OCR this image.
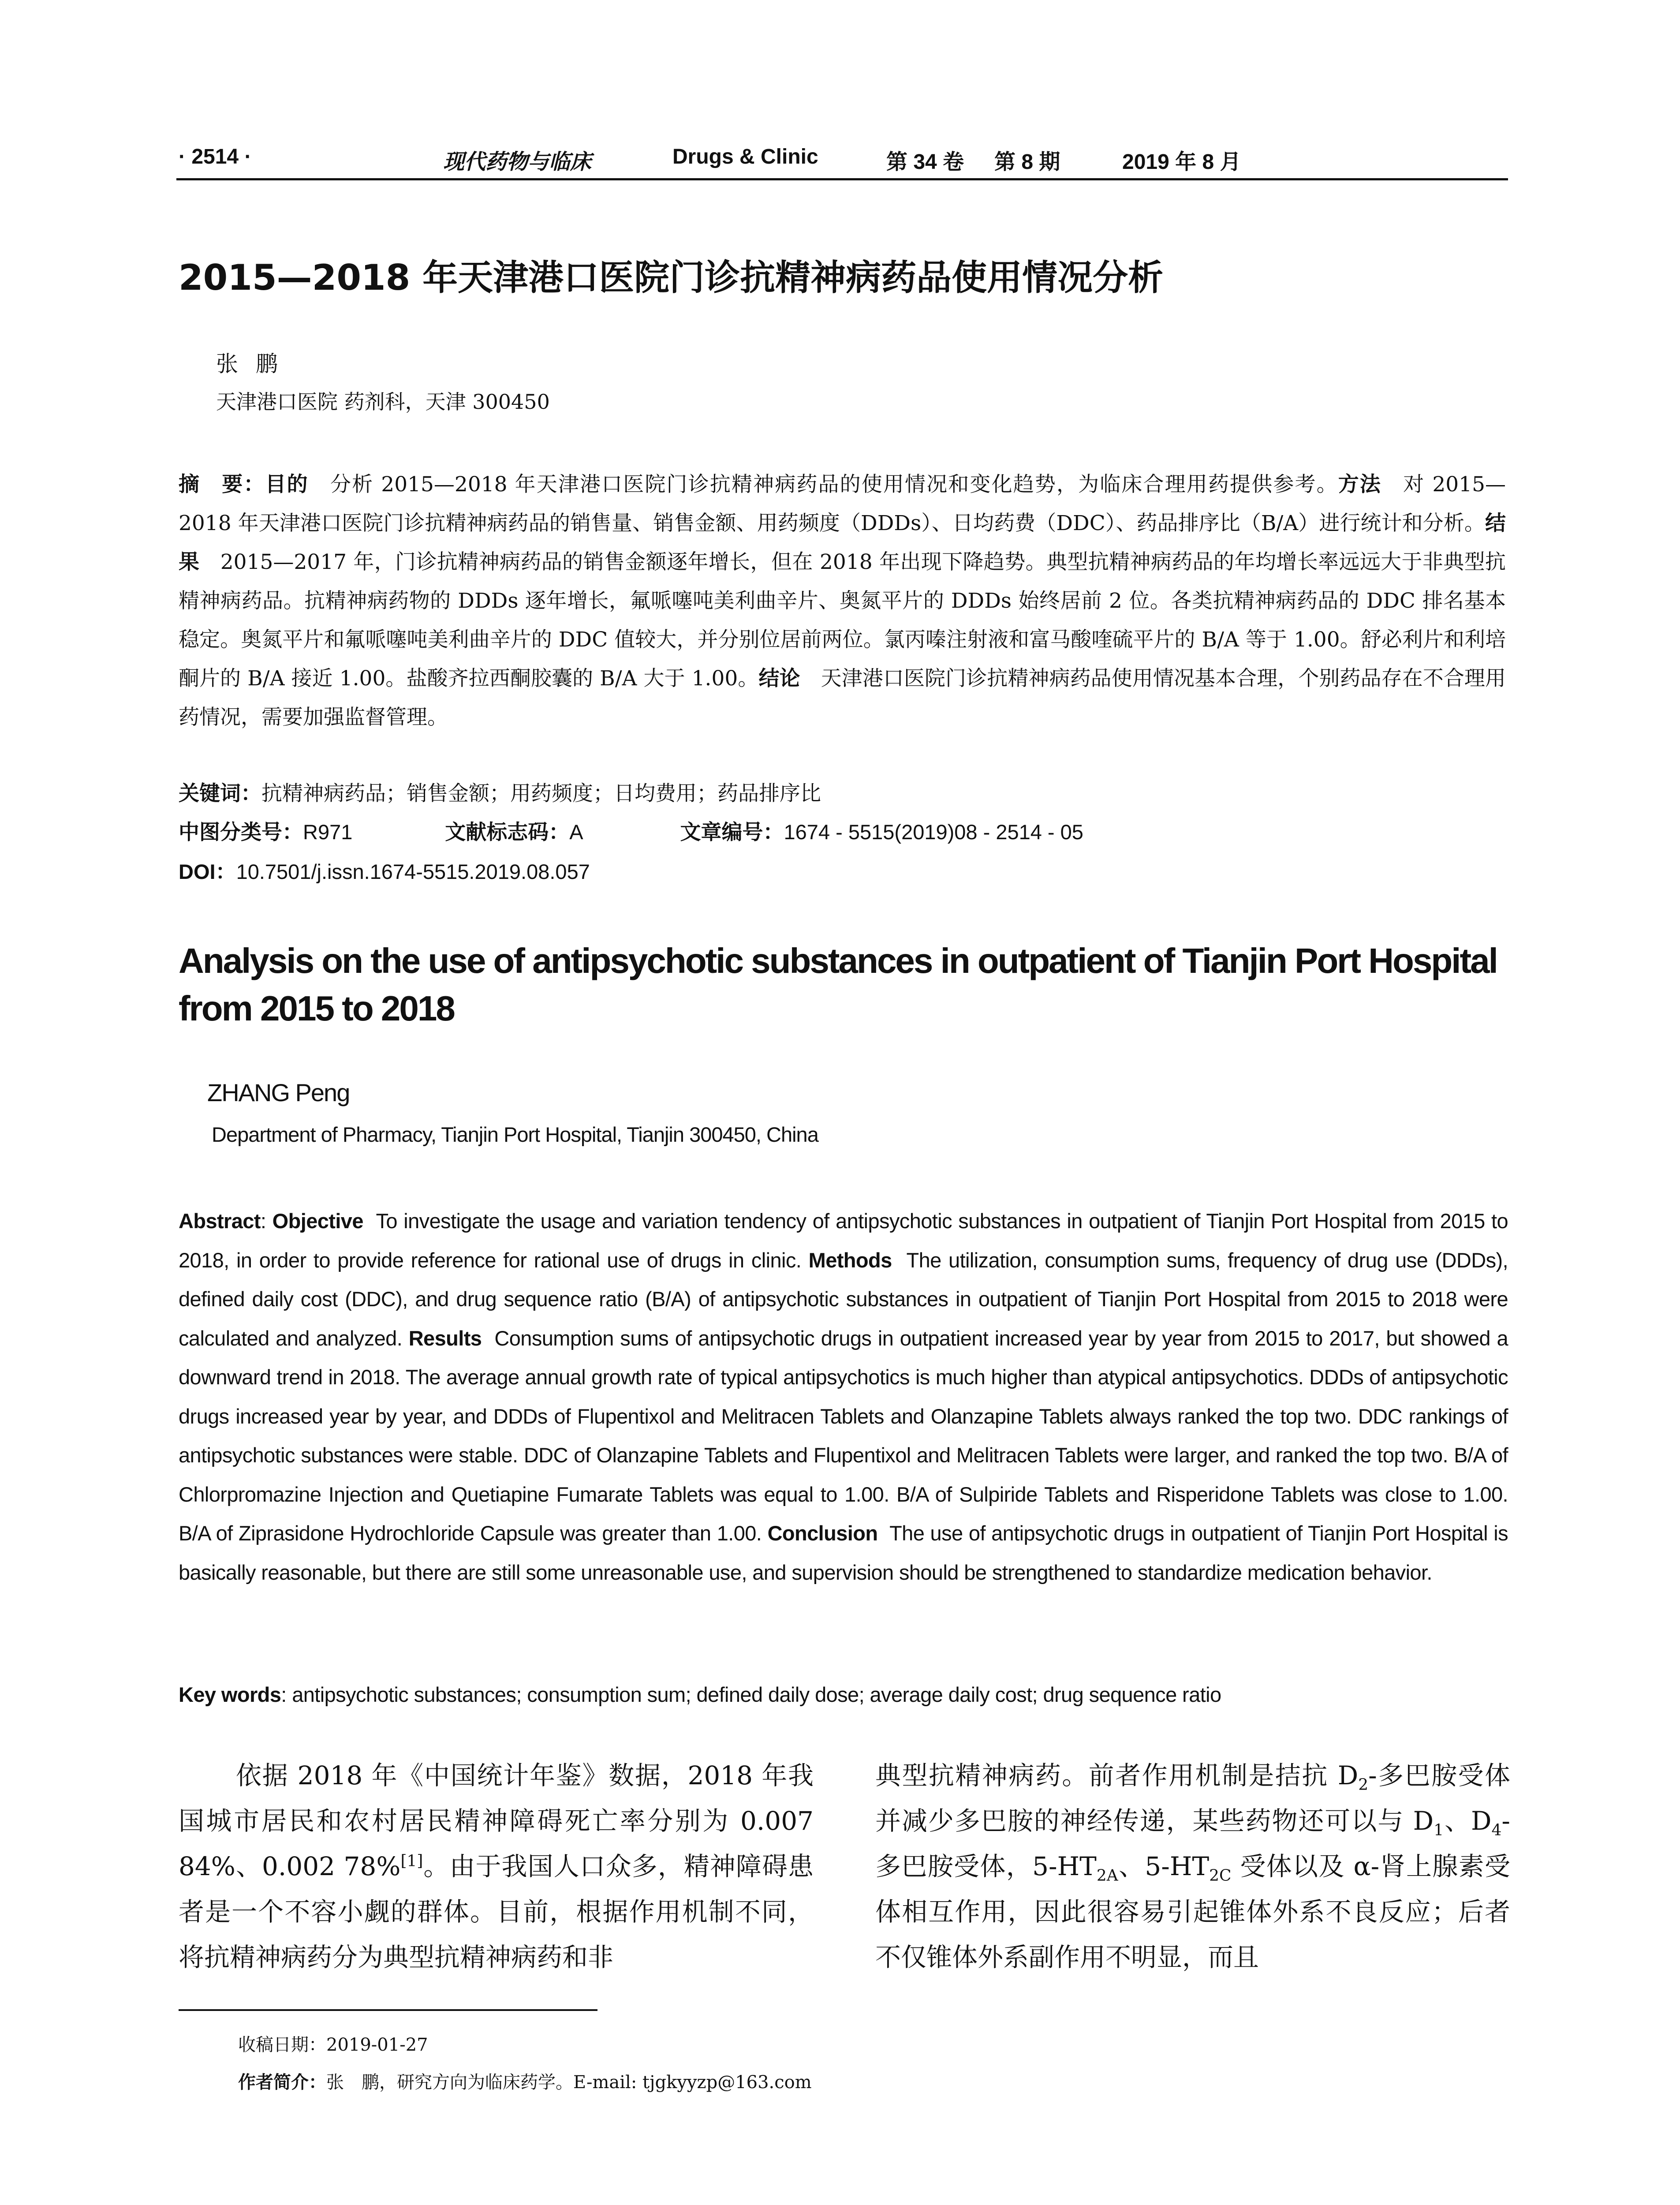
· 2514 ·	现代药物与临床	Drugs & Clinic	第 34 卷 第 8 期	2019 年 8 月
2015—2018 年天津港口医院门诊抗精神病药品使用情况分析
张鹏
天津港口医院 药剂科，天津 300450
摘　要：目的　分析 2015—2018 年天津港口医院门诊抗精神病药品的使用情况和变化趋势，为临床合理用药提供参考。方法　对 2015—2018 年天津港口医院门诊抗精神病药品的销售量、销售金额、用药频度（DDDs）、日均药费（DDC）、药品排序比（B/A）进行统计和分析。结果　2015—2017 年，门诊抗精神病药品的销售金额逐年增长，但在 2018 年出现下降趋势。典型抗精神病药品的年均增长率远远大于非典型抗精神病药品。抗精神病药物的 DDDs 逐年增长，氟哌噻吨美利曲辛片、奥氮平片的 DDDs 始终居前 2 位。各类抗精神病药品的 DDC 排名基本稳定。奥氮平片和氟哌噻吨美利曲辛片的 DDC 值较大，并分别位居前两位。氯丙嗪注射液和富马酸喹硫平片的 B/A 等于 1.00。舒必利片和利培酮片的 B/A 接近 1.00。盐酸齐拉西酮胶囊的 B/A 大于 1.00。结论　天津港口医院门诊抗精神病药品使用情况基本合理，个别药品存在不合理用药情况，需要加强监督管理。
关键词：抗精神病药品；销售金额；用药频度；日均费用；药品排序比
中图分类号：R971	文献标志码：A	文章编号：1674 - 5515(2019)08 - 2514 - 05
DOI：10.7501/j.issn.1674-5515.2019.08.057
Analysis on the use of antipsychotic substances in outpatient of Tianjin Port Hospital from 2015 to 2018
ZHANG Peng
Department of Pharmacy, Tianjin Port Hospital, Tianjin 300450, China
Abstract: Objective To investigate the usage and variation tendency of antipsychotic substances in outpatient of Tianjin Port Hospital from 2015 to 2018, in order to provide reference for rational use of drugs in clinic. Methods The utilization, consumption sums, frequency of drug use (DDDs), defined daily cost (DDC), and drug sequence ratio (B/A) of antipsychotic substances in outpatient of Tianjin Port Hospital from 2015 to 2018 were calculated and analyzed. Results Consumption sums of antipsychotic drugs in outpatient increased year by year from 2015 to 2017, but showed a downward trend in 2018. The average annual growth rate of typical antipsychotics is much higher than atypical antipsychotics. DDDs of antipsychotic drugs increased year by year, and DDDs of Flupentixol and Melitracen Tablets and Olanzapine Tablets always ranked the top two. DDC rankings of antipsychotic substances were stable. DDC of Olanzapine Tablets and Flupentixol and Melitracen Tablets were larger, and ranked the top two. B/A of Chlorpromazine Injection and Quetiapine Fumarate Tablets was equal to 1.00. B/A of Sulpiride Tablets and Risperidone Tablets was close to 1.00. B/A of Ziprasidone Hydrochloride Capsule was greater than 1.00. Conclusion The use of antipsychotic drugs in outpatient of Tianjin Port Hospital is basically reasonable, but there are still some unreasonable use, and supervision should be strengthened to standardize medication behavior.
Key words: antipsychotic substances; consumption sum; defined daily dose; average daily cost; drug sequence ratio
依据 2018 年《中国统计年鉴》数据，2018 年我国城市居民和农村居民精神障碍死亡率分别为 0.007 84%、0.002 78%[1]。由于我国人口众多，精神障碍患者是一个不容小觑的群体。目前，根据作用机制不同，将抗精神病药分为典型抗精神病药和非
典型抗精神病药。前者作用机制是拮抗 $D_2-$多巴胺受体并减少多巴胺的神经传递，某些药物还可以与 $D_1$、$D_4-$多巴胺受体，$5-HT_{2A}$、$5-HT_{2C}$ 受体以及 α-肾上腺素受体相互作用，因此很容易引起锥体外系不良反应；后者不仅锥体外系副作用不明显，而且
收稿日期：2019-01-27
作者简介：张　鹏，研究方向为临床药学。E-mail: tjgkyyzp@163.com
